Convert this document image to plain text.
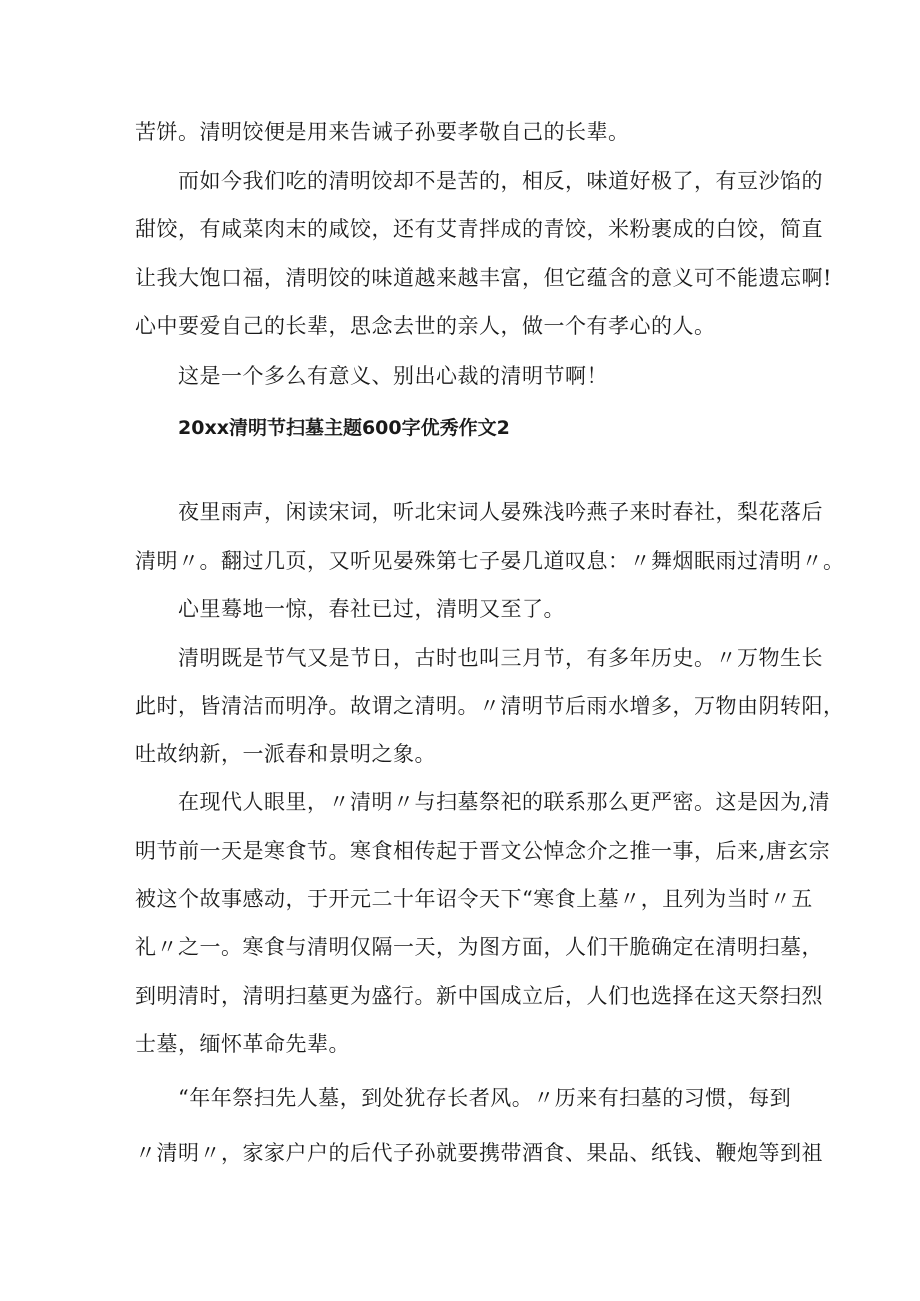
苦饼。清明饺便是用来告诫子孙要孝敬自己的长辈。

而如今我们吃的清明饺却不是苦的，相反，味道好极了，有豆沙馅的

甜饺，有咸菜肉末的咸饺，还有艾青拌成的青饺，米粉裹成的白饺，简直

让我大饱口福，清明饺的味道越来越丰富，但它蕴含的意义可不能遗忘啊!

心中要爱自己的长辈，思念去世的亲人，做一个有孝心的人。

这是一个多么有意义、别出心裁的清明节啊！

20xx清明节扫墓主题600字优秀作文2

夜里雨声，闲读宋词，听北宋词人晏殊浅吟燕子来时春社，梨花落后

清明〃。翻过几页，又听见晏殊第七子晏几道叹息：〃舞烟眠雨过清明〃。

心里蓦地一惊，春社已过，清明又至了。

清明既是节气又是节日，古时也叫三月节，有多年历史。〃万物生长

此时，皆清洁而明净。故谓之清明。〃清明节后雨水增多，万物由阴转阳，

吐故纳新，一派春和景明之象。

在现代人眼里，〃清明〃与扫墓祭祀的联系那么更严密。这是因为,清

明节前一天是寒食节。寒食相传起于晋文公悼念介之推一事，后来,唐玄宗

被这个故事感动，于开元二十年诏令天下“寒食上墓〃，且列为当时〃五

礼〃之一。寒食与清明仅隔一天，为图方面，人们干脆确定在清明扫墓，

到明清时，清明扫墓更为盛行。新中国成立后，人们也选择在这天祭扫烈

士墓，缅怀革命先辈。

“年年祭扫先人墓，到处犹存长者风。〃历来有扫墓的习惯，每到

〃清明〃，家家户户的后代子孙就要携带酒食、果品、纸钱、鞭炮等到祖
